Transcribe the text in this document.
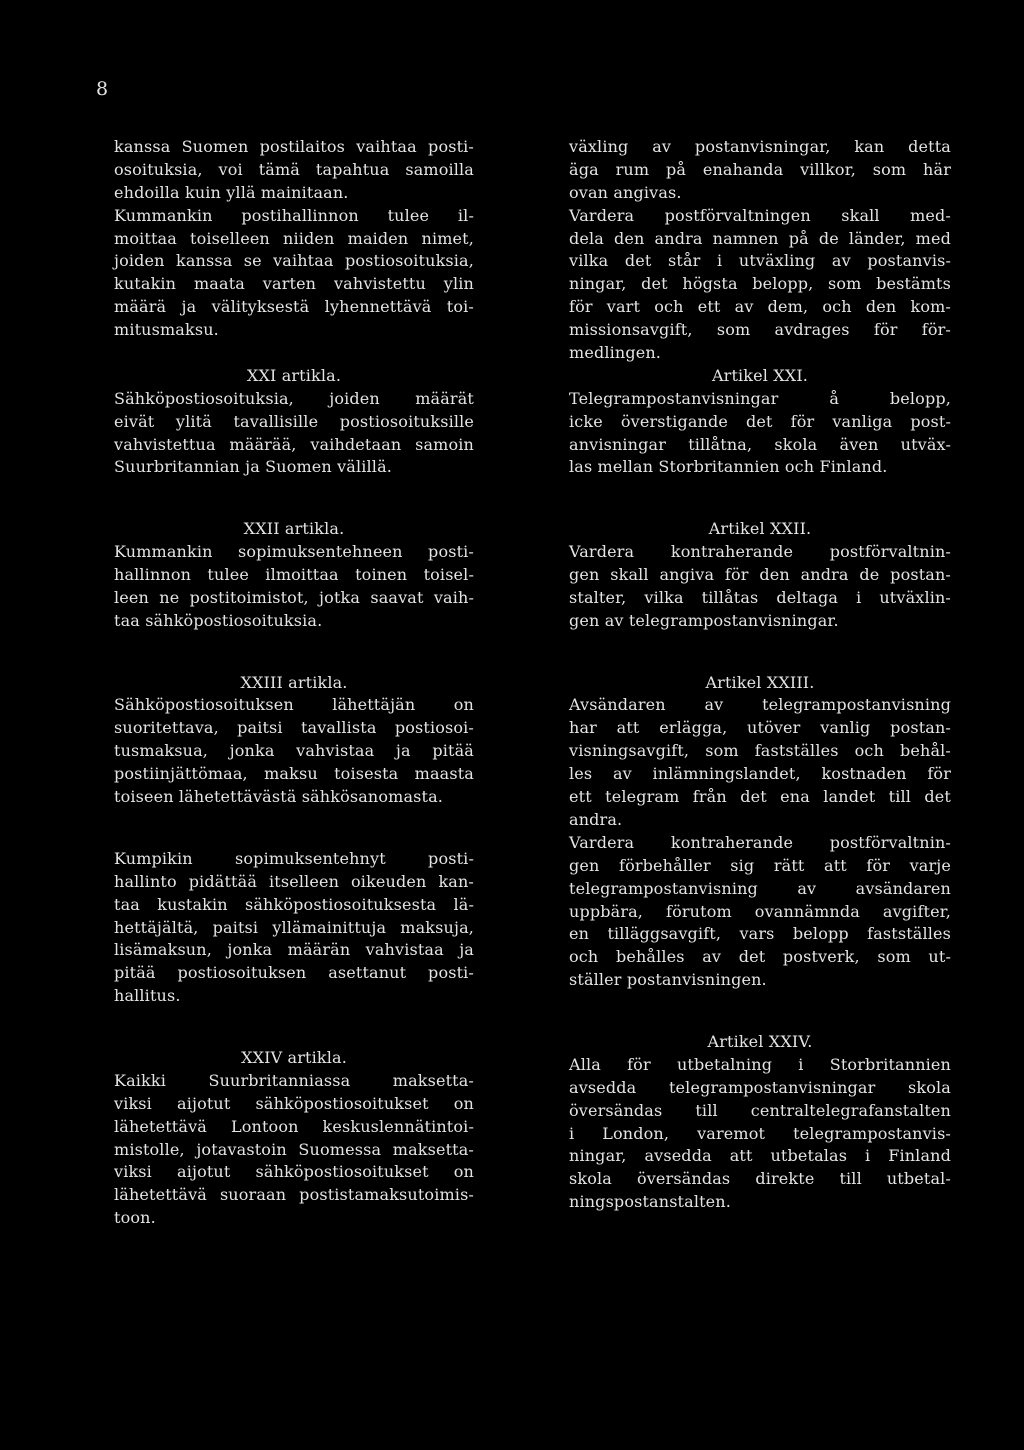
8
kanssa Suomen postilaitos vaihtaa posti-
osoituksia, voi tämä tapahtua samoilla
ehdoilla kuin yllä mainitaan.
Kummankin postihallinnon tulee il-
moittaa toiselleen niiden maiden nimet,
joiden kanssa se vaihtaa postiosoituksia,
kutakin maata varten vahvistettu ylin
määrä ja välityksestä lyhennettävä toi-
mitusmaksu.
XXI artikla.
Sähköpostiosoituksia, joiden määrät
eivät ylitä tavallisille postiosoituksille
vahvistettua määrää, vaihdetaan samoin
Suurbritannian ja Suomen välillä.
XXII artikla.
Kummankin sopimuksentehneen posti-
hallinnon tulee ilmoittaa toinen toisel-
leen ne postitoimistot, jotka saavat vaih-
taa sähköpostiosoituksia.
XXIII artikla.
Sähköpostiosoituksen lähettäjän on
suoritettava, paitsi tavallista postiosoi-
tusmaksua, jonka vahvistaa ja pitää
postiinjättömaa, maksu toisesta maasta
toiseen lähetettävästä sähkösanomasta.
Kumpikin sopimuksentehnyt posti-
hallinto pidättää itselleen oikeuden kan-
taa kustakin sähköpostiosoituksesta lä-
hettäjältä, paitsi yllämainittuja maksuja,
lisämaksun, jonka määrän vahvistaa ja
pitää postiosoituksen asettanut posti-
hallitus.
XXIV artikla.
Kaikki Suurbritanniassa maksetta-
viksi aijotut sähköpostiosoitukset on
lähetettävä Lontoon keskuslennätintoi-
mistolle, jotavastoin Suomessa maksetta-
viksi aijotut sähköpostiosoitukset on
lähetettävä suoraan postistamaksutoimis-
toon.
växling av postanvisningar, kan detta
äga rum på enahanda villkor, som här
ovan angivas.
Vardera postförvaltningen skall med-
dela den andra namnen på de länder, med
vilka det står i utväxling av postanvis-
ningar, det högsta belopp, som bestämts
för vart och ett av dem, och den kom-
missionsavgift, som avdrages för för-
medlingen.
Artikel XXI.
Telegrampostanvisningar å belopp,
icke överstigande det för vanliga post-
anvisningar tillåtna, skola även utväx-
las mellan Storbritannien och Finland.
Artikel XXII.
Vardera kontraherande postförvaltnin-
gen skall angiva för den andra de postan-
stalter, vilka tillåtas deltaga i utväxlin-
gen av telegrampostanvisningar.
Artikel XXIII.
Avsändaren av telegrampostanvisning
har att erlägga, utöver vanlig postan-
visningsavgift, som fastställes och behål-
les av inlämningslandet, kostnaden för
ett telegram från det ena landet till det
andra.
Vardera kontraherande postförvaltnin-
gen förbehåller sig rätt att för varje
telegrampostanvisning av avsändaren
uppbära, förutom ovannämnda avgifter,
en tilläggsavgift, vars belopp fastställes
och behålles av det postverk, som ut-
ställer postanvisningen.
Artikel XXIV.
Alla för utbetalning i Storbritannien
avsedda telegrampostanvisningar skola
översändas till centraltelegrafanstalten
i London, varemot telegrampostanvis-
ningar, avsedda att utbetalas i Finland
skola översändas direkte till utbetal-
ningspostanstalten.
